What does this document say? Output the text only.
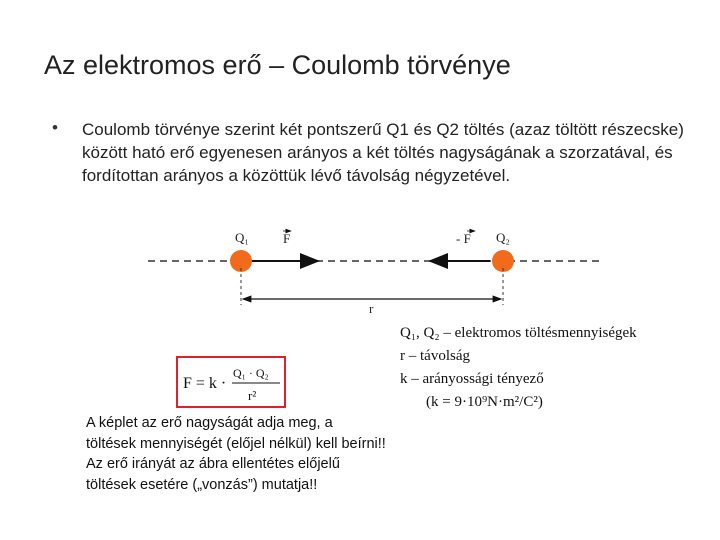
Az elektromos erő – Coulomb törvénye
• Coulomb törvénye szerint két pontszerű Q1 és Q2 töltés (azaz töltött részecske) között ható erő egyenesen arányos a két töltés nagyságának a szorzatával, és fordítottan arányos a közöttük lévő távolság négyzetével.
Q₁	F	- F Q₂
r
F = k ·
Q₁ · Q₂
r²
Q₁, Q₂ – elektromos töltésmennyiségek
r – távolság
k – arányossági tényező
(k = 9·10⁹N·m²/C²)
A képlet az erő nagyságát adja meg, a töltések mennyiségét (előjel nélkül) kell beírni!! Az erő irányát az ábra ellentétes előjelű töltések esetére („vonzás”) mutatja!!
